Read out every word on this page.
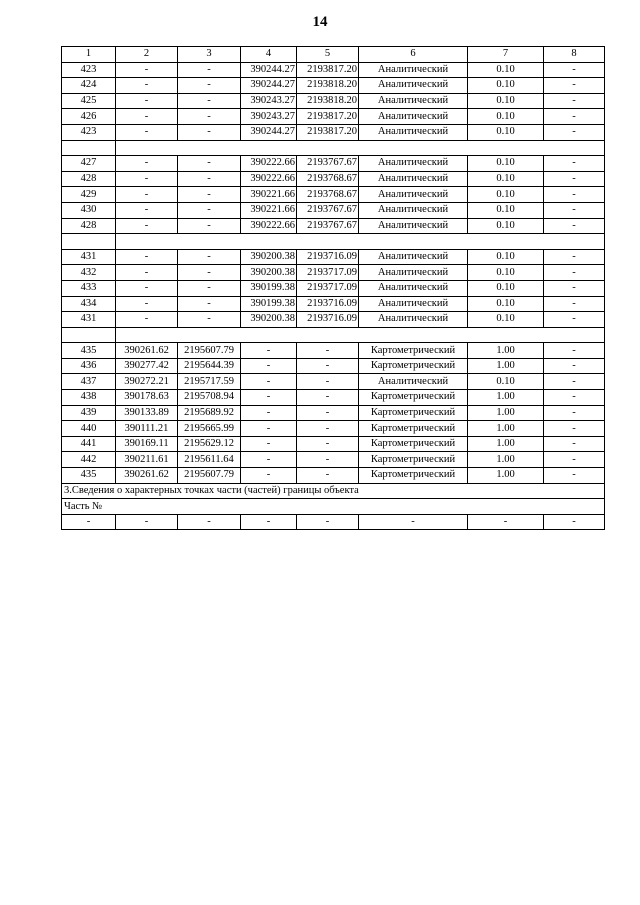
14
1	2	3	4	5	6	7	8
423	-	-	390244.27	2193817.20	Аналитический	0.10	-
424	-	-	390244.27	2193818.20	Аналитический	0.10	-
425	-	-	390243.27	2193818.20	Аналитический	0.10	-
426	-	-	390243.27	2193817.20	Аналитический	0.10	-
423	-	-	390244.27	2193817.20	Аналитический	0.10	-

427	-	-	390222.66	2193767.67	Аналитический	0.10	-
428	-	-	390222.66	2193768.67	Аналитический	0.10	-
429	-	-	390221.66	2193768.67	Аналитический	0.10	-
430	-	-	390221.66	2193767.67	Аналитический	0.10	-
428	-	-	390222.66	2193767.67	Аналитический	0.10	-

431	-	-	390200.38	2193716.09	Аналитический	0.10	-
432	-	-	390200.38	2193717.09	Аналитический	0.10	-
433	-	-	390199.38	2193717.09	Аналитический	0.10	-
434	-	-	390199.38	2193716.09	Аналитический	0.10	-
431	-	-	390200.38	2193716.09	Аналитический	0.10	-

435	390261.62	2195607.79	-	-	Картометрический	1.00	-
436	390277.42	2195644.39	-	-	Картометрический	1.00	-
437	390272.21	2195717.59	-	-	Аналитический	0.10	-
438	390178.63	2195708.94	-	-	Картометрический	1.00	-
439	390133.89	2195689.92	-	-	Картометрический	1.00	-
440	390111.21	2195665.99	-	-	Картометрический	1.00	-
441	390169.11	2195629.12	-	-	Картометрический	1.00	-
442	390211.61	2195611.64	-	-	Картометрический	1.00	-
435	390261.62	2195607.79	-	-	Картометрический	1.00	-
3.Сведения о характерных точках части (частей) границы объекта							
Часть №							
-	-	-	-	-	-	-	-
